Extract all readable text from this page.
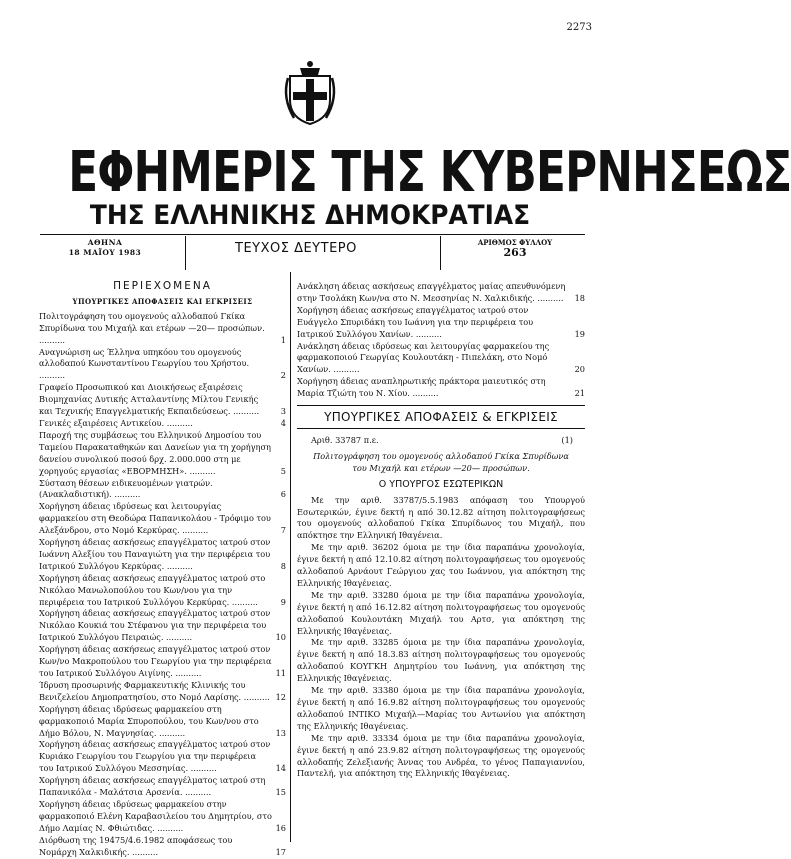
2273
ΕΦΗΜΕΡΙΣ ΤΗΣ ΚΥΒΕΡΝΗΣΕΩΣ
ΤΗΣ ΕΛΛΗΝΙΚΗΣ ΔΗΜΟΚΡΑΤΙΑΣ
ΑΘΗΝΑ
18 ΜΑΪΟΥ 1983	ΤΕΥΧΟΣ ΔΕΥΤΕΡΟ	ΑΡΙΘΜΟΣ ΦΥΛΛΟΥ
263
ΠΕΡΙΕΧΟΜΕΝΑ
ΥΠΟΥΡΓΙΚΕΣ ΑΠΟΦΑΣΕΙΣ ΚΑΙ ΕΓΚΡΙΣΕΙΣ
Πολιτογράφηση του ομογενούς αλλοδαπού Γκίκα Σπυρίδωνα του Μιχαήλ και ετέρων —20— προσώπων. ..........	1
Αναγνώριση ως Έλληνα υπηκόου του ομογενούς αλλοδαπού Κωνσταντίνου Γεωργίου του Χρήστου. ..........	2
Γραφείο Προσωπικού και Διοικήσεως εξαιρέσεις Βιομηχανίας Δυτικής Ατταλαντίνης Μίλτου Γενικής και Τεχνικής Επαγγελματικής Εκπαιδεύσεως. ..........	3
Γενικές εξαιρέσεις Αντικείου. ..........	4
Παροχή της συμβάσεως του Ελληνικού Δημοσίου του Ταμείου Παρακαταθηκών και Δανείων για τη χορήγηση δανείου συνολικού ποσού δρχ. 2.000.000 στη με χορηγούς εργασίας «ΕΒΟΡΜΗΣΗ». ..........	5
Σύσταση θέσεων ειδικευομένων γιατρών. (Ανακλαδιστική). ..........	6
Χορήγηση άδειας ιδρύσεως και λειτουργίας φαρμακείου στη Θεοδώρα Παπανικολάου - Τρόφιμο του Αλεξάνδρου, στο Νομό Κερκύρας. ..........	7
Χορήγηση άδειας ασκήσεως επαγγέλματος ιατρού στον Ιωάννη Αλεξίου του Παναγιώτη για την περιφέρεια του Ιατρικού Συλλόγου Κερκύρας. ..........	8
Χορήγηση άδειας ασκήσεως επαγγέλματος ιατρού στο Νικόλαο Μανωλοπούλου του Κων/νου για την περιφέρεια του Ιατρικού Συλλόγου Κερκύρας. ..........	9
Χορήγηση άδειας ασκήσεως επαγγέλματος ιατρού στον Νικόλαο Κουκιά του Στέφανου για την περιφέρεια του Ιατρικού Συλλόγου Πειραιώς. ..........	10
Χορήγηση άδειας ασκήσεως επαγγέλματος ιατρού στον Κων/νο Μακροπούλου του Γεωργίου για την περιφέρεια του Ιατρικού Συλλόγου Αιγίνης. ..........	11
Ίδρυση προσωρινής Φαρμακευτικής Κλινικής του Βενιζελείου Δημοπρατησίου, στο Νομό Λαρίσης. .......... 12
Χορήγηση άδειας ιδρύσεως φαρμακείου στη φαρμακοποιό Μαρία Σπυροπούλου, του Κων/νου στο Δήμο Βόλου, Ν. Μαγνησίας. ..........	13
Χορήγηση άδειας ασκήσεως επαγγέλματος ιατρού στον Κυριάκο Γεωργίου του Γεωργίου για την περιφέρεια του Ιατρικού Συλλόγου Μεσσηνίας. ..........	14
Χορήγηση άδειας ασκήσεως επαγγέλματος ιατρού στη Παπανικόλα - Μαλάτσια Αρσενία. ..........	15
Χορήγηση άδειας ιδρύσεως φαρμακείου στην φαρμακοποιό Ελένη Καραβασιλείου του Δημητρίου, στο Δήμο Λαμίας Ν. Φθιώτιδας. ..........	16
Διόρθωση της 19475/4.6.1982 αποφάσεως του Νομάρχη Χαλκιδικής. ..........	17
Ανάκληση άδειας ασκήσεως επαγγέλματος μαίας απευθυνόμενη στην Τσολάκη Κων/να στο Ν. Μεσσηνίας Ν. Χαλκιδικής. ..........	18
Χορήγηση άδειας ασκήσεως επαγγέλματος ιατρού στον Ευάγγελο Σπυριδάκη του Ιωάννη για την περιφέρεια του Ιατρικού Συλλόγου Χανίων. ..........	19
Ανάκληση άδειας ιδρύσεως και λειτουργίας φαρμακείου της φαρμακοποιού Γεωργίας Κουλουτάκη - Πιπελάκη, στο Νομό Χανίων. ..........	20
Χορήγηση άδειας αναπληρωτικής πράκτορα μαιευτικός στη Μαρία Τζιώτη του Ν. Χίου. ..........	21
ΥΠΟΥΡΓΙΚΕΣ ΑΠΟΦΑΣΕΙΣ & ΕΓΚΡΙΣΕΙΣ
Αριθ. 33787 π.ε.	(1)
Πολιτογράφηση του ομογενούς αλλοδαπού Γκίκα Σπυρίδωνα του Μιχαήλ και ετέρων —20— προσώπων.
Ο ΥΠΟΥΡΓΟΣ ΕΣΩΤΕΡΙΚΩΝ
Με την αριθ. 33787/5.5.1983 απόφαση του Υπουργού Εσωτερικών, έγινε δεκτή η από 30.12.82 αίτηση πολιτογραφήσεως του ομογενούς αλλοδαπού Γκίκα Σπυρίδωνος του Μιχαήλ, που απόκτησε την Ελληνική Ιθαγένεια.
Με την αριθ. 36202 όμοια με την ίδια παραπάνω χρονολογία, έγινε δεκτή η από 12.10.82 αίτηση πολιτογραφήσεως του ομογενούς αλλοδαπού Αρνάουτ Γεώργιου χας του Ιωάννου, για απόκτηση της Ελληνικής Ιθαγένειας.
Με την αριθ. 33280 όμοια με την ίδια παραπάνω χρονολογία, έγινε δεκτή η από 16.12.82 αίτηση πολιτογραφήσεως του ομογενούς αλλοδαπού Κουλουτάκη Μιχαήλ του Αρτσ, για απόκτηση της Ελληνικής Ιθαγένειας.
Με την αριθ. 33285 όμοια με την ίδια παραπάνω χρονολογία, έγινε δεκτή η από 18.3.83 αίτηση πολιτογραφήσεως του ομογενούς αλλοδαπού ΚΟΥΓΚΗ Δημητρίου του Ιωάννη, για απόκτηση της Ελληνικής Ιθαγένειας.
Με την αριθ. 33380 όμοια με την ίδια παραπάνω χρονολογία, έγινε δεκτή η από 16.9.82 αίτηση πολιτογραφήσεως του ομογενούς αλλοδαπού ΙΝΤΙΚΟ Μιχαήλ—Μαρίας του Αντωνίου για απόκτηση της Ελληνικής Ιθαγένειας.
Με την αριθ. 33334 όμοια με την ίδια παραπάνω χρονολογία, έγινε δεκτή η από 23.9.82 αίτηση πολιτογραφήσεως της ομογενούς αλλοδαπής Ζελεξιανής Άννας του Ανδρέα, το γένος Παπαγιαννίου, Παντελή, για απόκτηση της Ελληνικής Ιθαγένειας.
